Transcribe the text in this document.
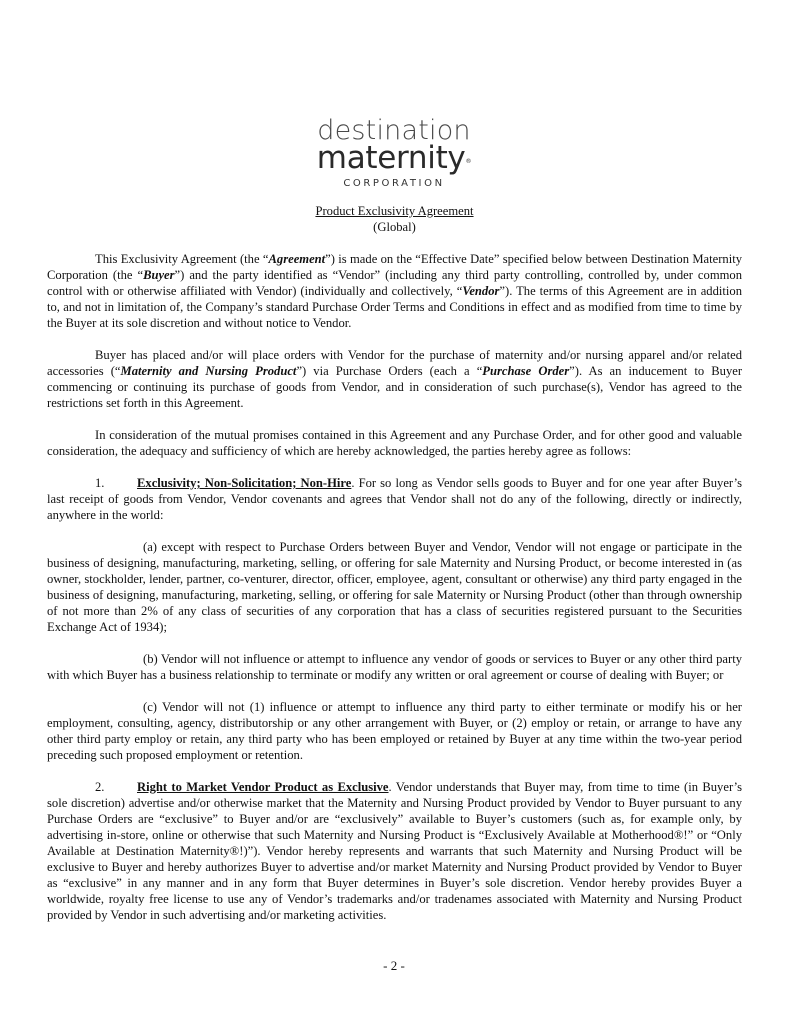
destination
maternity®
CORPORATION
Product Exclusivity Agreement
(Global)

This Exclusivity Agreement (the “Agreement”) is made on the “Effective Date” specified below between Destination Maternity Corporation (the “Buyer”) and the party identified as “Vendor” (including any third party controlling, controlled by, under common control with or otherwise affiliated with Vendor) (individually and collectively, “Vendor”). The terms of this Agreement are in addition to, and not in limitation of, the Company’s standard Purchase Order Terms and Conditions in effect and as modified from time to time by the Buyer at its sole discretion and without notice to Vendor.

Buyer has placed and/or will place orders with Vendor for the purchase of maternity and/or nursing apparel and/or related accessories (“Maternity and Nursing Product”) via Purchase Orders (each a “Purchase Order”). As an inducement to Buyer commencing or continuing its purchase of goods from Vendor, and in consideration of such purchase(s), Vendor has agreed to the restrictions set forth in this Agreement.

In consideration of the mutual promises contained in this Agreement and any Purchase Order, and for other good and valuable consideration, the adequacy and sufficiency of which are hereby acknowledged, the parties hereby agree as follows:

1.	Exclusivity; Non-Solicitation; Non-Hire. For so long as Vendor sells goods to Buyer and for one year after Buyer’s last receipt of goods from Vendor, Vendor covenants and agrees that Vendor shall not do any of the following, directly or indirectly, anywhere in the world:

(a) except with respect to Purchase Orders between Buyer and Vendor, Vendor will not engage or participate in the business of designing, manufacturing, marketing, selling, or offering for sale Maternity and Nursing Product, or become interested in (as owner, stockholder, lender, partner, co-venturer, director, officer, employee, agent, consultant or otherwise) any third party engaged in the business of designing, manufacturing, marketing, selling, or offering for sale Maternity or Nursing Product (other than through ownership of not more than 2% of any class of securities of any corporation that has a class of securities registered pursuant to the Securities Exchange Act of 1934);

(b) Vendor will not influence or attempt to influence any vendor of goods or services to Buyer or any other third party with which Buyer has a business relationship to terminate or modify any written or oral agreement or course of dealing with Buyer; or

(c) Vendor will not (1) influence or attempt to influence any third party to either terminate or modify his or her employment, consulting, agency, distributorship or any other arrangement with Buyer, or (2) employ or retain, or arrange to have any other third party employ or retain, any third party who has been employed or retained by Buyer at any time within the two-year period preceding such proposed employment or retention.

2.	Right to Market Vendor Product as Exclusive. Vendor understands that Buyer may, from time to time (in Buyer’s sole discretion) advertise and/or otherwise market that the Maternity and Nursing Product provided by Vendor to Buyer pursuant to any Purchase Orders are “exclusive” to Buyer and/or are “exclusively” available to Buyer’s customers (such as, for example only, by advertising in-store, online or otherwise that such Maternity and Nursing Product is “Exclusively Available at Motherhood®!” or “Only Available at Destination Maternity®!)”). Vendor hereby represents and warrants that such Maternity and Nursing Product will be exclusive to Buyer and hereby authorizes Buyer to advertise and/or market Maternity and Nursing Product provided by Vendor to Buyer as “exclusive” in any manner and in any form that Buyer determines in Buyer’s sole discretion. Vendor hereby provides Buyer a worldwide, royalty free license to use any of Vendor’s trademarks and/or tradenames associated with Maternity and Nursing Product provided by Vendor in such advertising and/or marketing activities.

- 2 -
